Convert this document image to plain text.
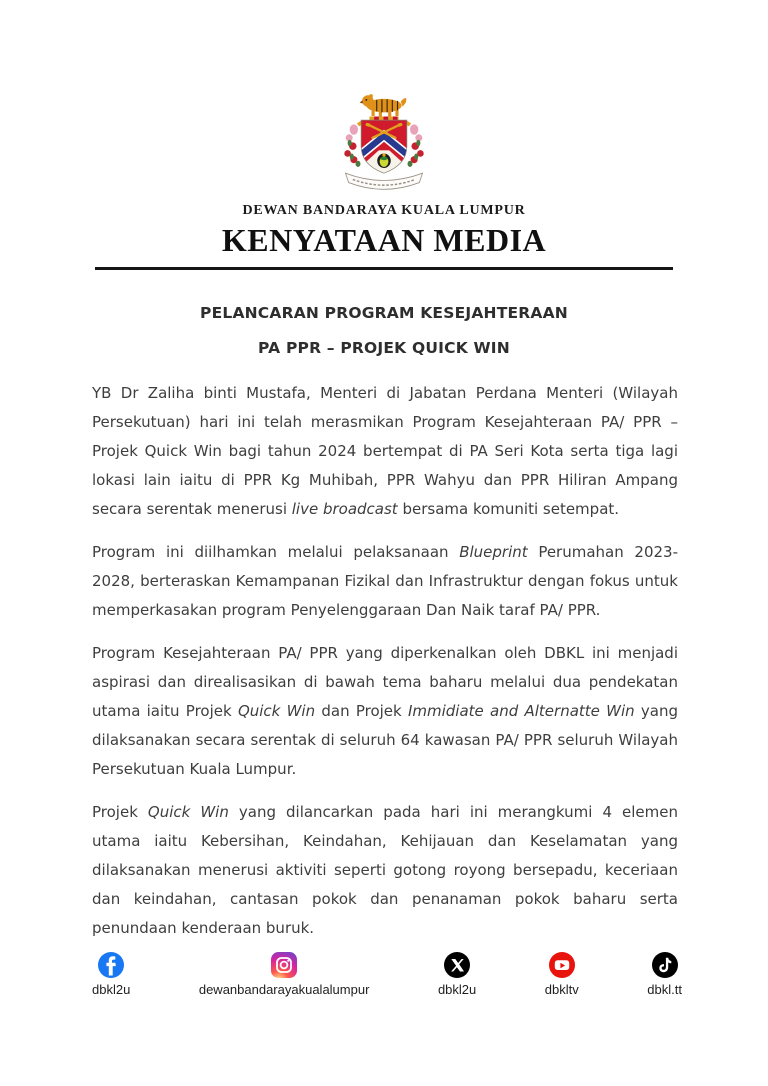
DEWAN BANDARAYA KUALA LUMPUR
KENYATAAN MEDIA
PELANCARAN PROGRAM KESEJAHTERAAN
PA PPR – PROJEK QUICK WIN

YB Dr Zaliha binti Mustafa, Menteri di Jabatan Perdana Menteri (Wilayah Persekutuan) hari ini telah merasmikan Program Kesejahteraan PA/ PPR – Projek Quick Win bagi tahun 2024 bertempat di PA Seri Kota serta tiga lagi lokasi lain iaitu di PPR Kg Muhibah, PPR Wahyu dan PPR Hiliran Ampang secara serentak menerusi live broadcast bersama komuniti setempat.

Program ini diilhamkan melalui pelaksanaan Blueprint Perumahan 2023-2028, berteraskan Kemampanan Fizikal dan Infrastruktur dengan fokus untuk memperkasakan program Penyelenggaraan Dan Naik taraf PA/ PPR.

Program Kesejahteraan PA/ PPR yang diperkenalkan oleh DBKL ini menjadi aspirasi dan direalisasikan di bawah tema baharu melalui dua pendekatan utama iaitu Projek Quick Win dan Projek Immidiate and Alternatte Win yang dilaksanakan secara serentak di seluruh 64 kawasan PA/ PPR seluruh Wilayah Persekutuan Kuala Lumpur.

Projek Quick Win yang dilancarkan pada hari ini merangkumi 4 elemen utama iaitu Kebersihan, Keindahan, Kehijauan dan Keselamatan yang dilaksanakan menerusi aktiviti seperti gotong royong bersepadu, keceriaan dan keindahan, cantasan pokok dan penanaman pokok baharu serta penundaan kenderaan buruk.

dbkl2u	dewanbandarayakualalumpur	dbkl2u	dbkltv	dbkl.tt
